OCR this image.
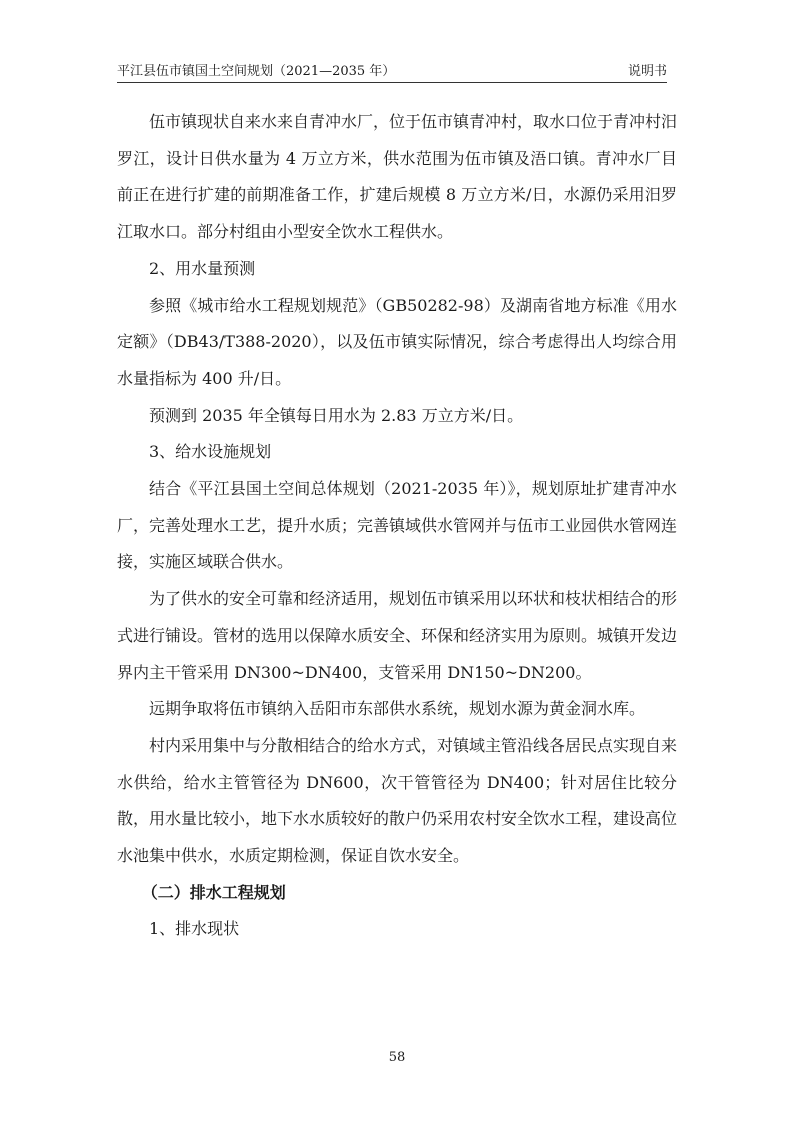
平江县伍市镇国土空间规划（2021—2035 年）	说明书

伍市镇现状自来水来自青冲水厂，位于伍市镇青冲村，取水口位于青冲村汨罗江，设计日供水量为 4 万立方米，供水范围为伍市镇及浯口镇。青冲水厂目前正在进行扩建的前期准备工作，扩建后规模 8 万立方米/日，水源仍采用汨罗江取水口。部分村组由小型安全饮水工程供水。

2、用水量预测

参照《城市给水工程规划规范》（GB50282-98）及湖南省地方标准《用水定额》（DB43/T388-2020），以及伍市镇实际情况，综合考虑得出人均综合用水量指标为 400 升/日。

预测到 2035 年全镇每日用水为 2.83 万立方米/日。

3、给水设施规划

结合《平江县国土空间总体规划（2021-2035 年）》，规划原址扩建青冲水厂，完善处理水工艺，提升水质；完善镇域供水管网并与伍市工业园供水管网连接，实施区域联合供水。

为了供水的安全可靠和经济适用，规划伍市镇采用以环状和枝状相结合的形式进行铺设。管材的选用以保障水质安全、环保和经济实用为原则。城镇开发边界内主干管采用 DN300~DN400，支管采用 DN150~DN200。

远期争取将伍市镇纳入岳阳市东部供水系统，规划水源为黄金洞水库。

村内采用集中与分散相结合的给水方式，对镇域主管沿线各居民点实现自来水供给，给水主管管径为 DN600，次干管管径为 DN400；针对居住比较分散，用水量比较小，地下水水质较好的散户仍采用农村安全饮水工程，建设高位水池集中供水，水质定期检测，保证自饮水安全。

（二）排水工程规划

1、排水现状

58
